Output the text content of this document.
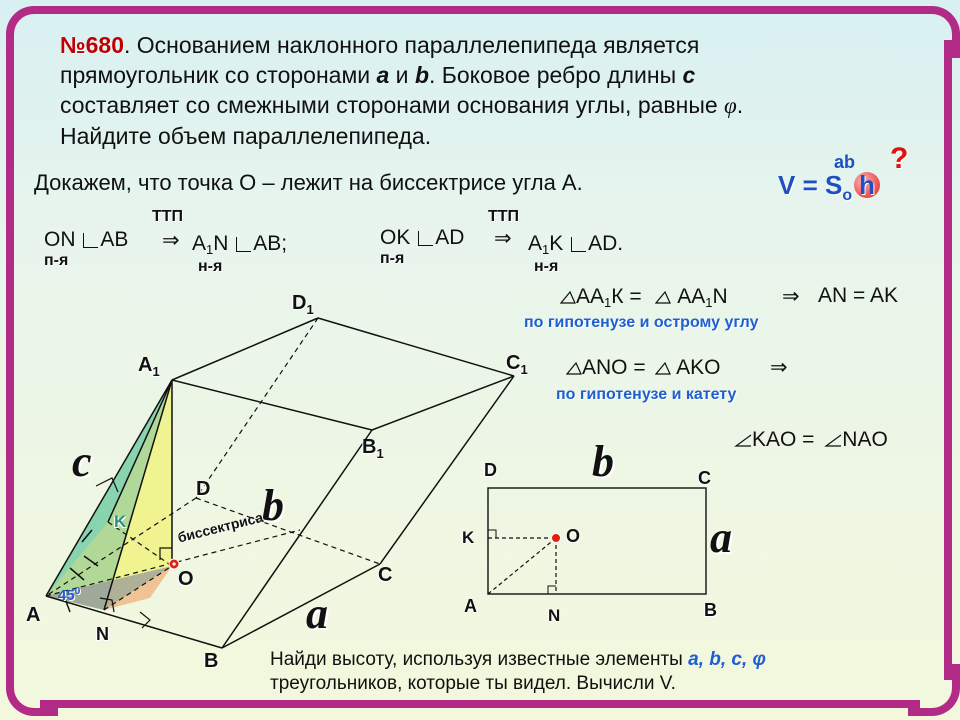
№680. Основанием наклонного параллелепипеда является
прямоугольник со сторонами a и b. Боковое ребро длины c
составляет со смежными сторонами основания углы, равные φ.
Найдите объем параллелепипеда.
Докажем, что точка О – лежит на биссектрисе угла А.	$V = S_o$ h
ab ?
ON AB
ТТП
⇒ A1N AB;
п-я	н-я
OK AD
ТТП
⇒ A1K AD.
п-я	н-я
AA1К = AA1N	⇒ AN = AK
по гипотенузе и острому углу
ANO = AKO ⇒
по гипотенузе и катету
KAO = NAO
$D_1$
$A_1$	$C_1$
$B_1$
D
C
O
A
N
B
K
c
b
a
биссектриса
$45^0$
D	C
A	B
K	O
N
b
a
Найди высоту, используя известные элементы a, b, c, φ
треугольников, которые ты видел. Вычисли V.
